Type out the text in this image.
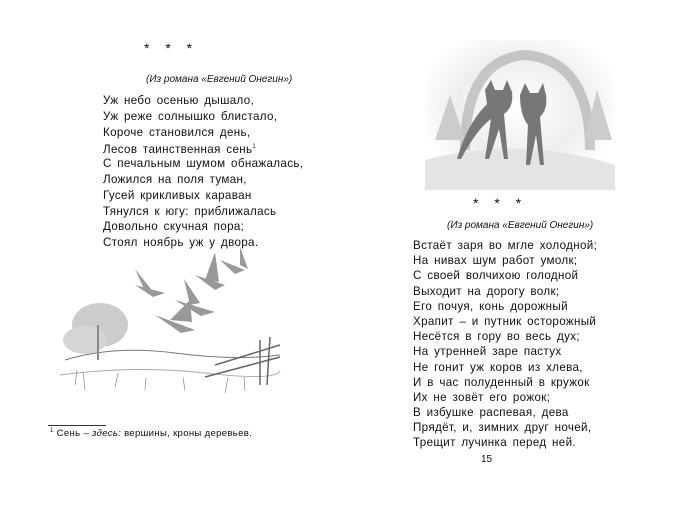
* * *
(Из романа «Евгений Онегин»)
Уж небо осенью дышало,
Уж реже солнышко блистало,
Короче становился день,
Лесов таинственная сень$^1$
С печальным шумом обнажалась,
Ложился на поля туман,
Гусей крикливых караван
Тянулся к югу: приближалась
Довольно скучная пора;
Стоял ноябрь уж у двора.
$^1$ Сень – здесь: вершины, кроны деревьев.
* * *
(Из романа «Евгений Онегин»)
Встаёт заря во мгле холодной;
На нивах шум работ умолк;
С своей волчихою голодной
Выходит на дорогу волк;
Его почуя, конь дорожный
Храпит – и путник осторожный
Несётся в гору во весь дух;
На утренней заре пастух
Не гонит уж коров из хлева,
И в час полуденный в кружок
Их не зовёт его рожок;
В избушке распевая, дева
Прядёт, и, зимних друг ночей,
Трещит лучинка перед ней.
15
